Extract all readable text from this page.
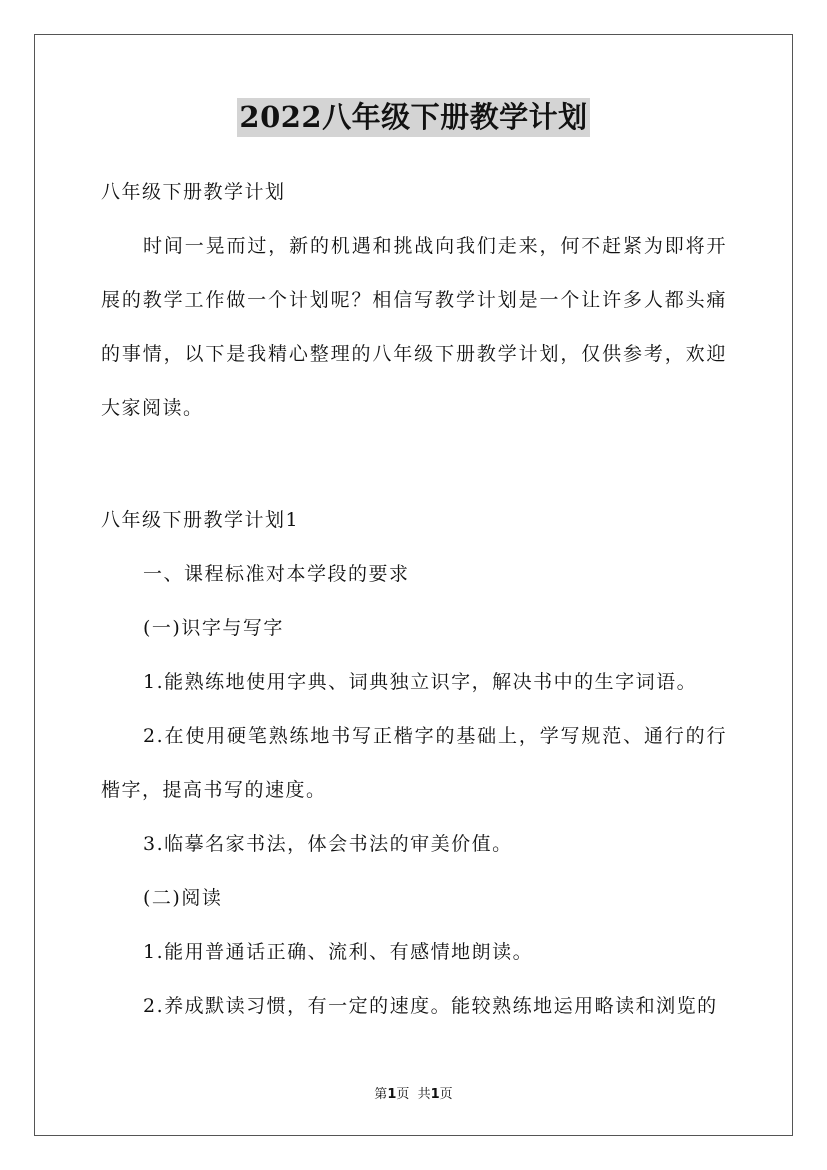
2022八年级下册教学计划

八年级下册教学计划

时间一晃而过，新的机遇和挑战向我们走来，何不赶紧为即将开展的教学工作做一个计划呢？相信写教学计划是一个让许多人都头痛的事情，以下是我精心整理的八年级下册教学计划，仅供参考，欢迎大家阅读。

八年级下册教学计划1

一、课程标准对本学段的要求

(一)识字与写字

1.能熟练地使用字典、词典独立识字，解决书中的生字词语。

2.在使用硬笔熟练地书写正楷字的基础上，学写规范、通行的行楷字，提高书写的速度。

3.临摹名家书法，体会书法的审美价值。

(二)阅读

1.能用普通话正确、流利、有感情地朗读。

2.养成默读习惯，有一定的速度。能较熟练地运用略读和浏览的

第1页  共1页
